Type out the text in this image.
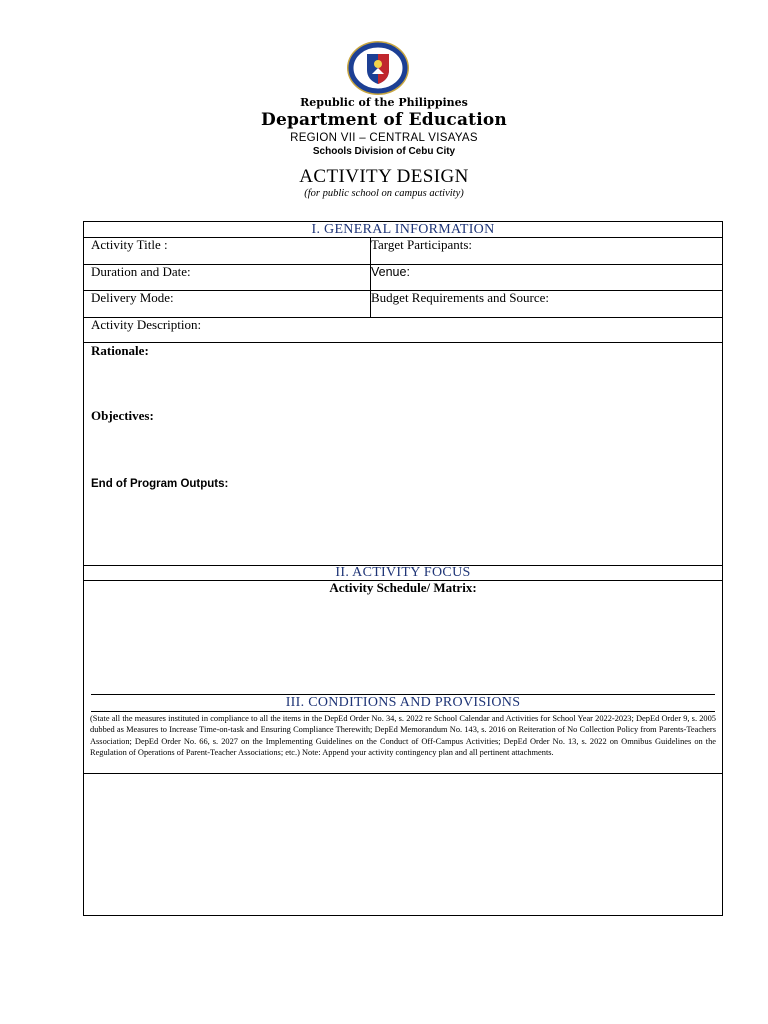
Republic of the Philippines
Department of Education
REGION VII – CENTRAL VISAYAS
Schools Division of Cebu City
ACTIVITY DESIGN
(for public school on campus activity)
I. GENERAL INFORMATION
Activity Title :	Target Participants:
Duration and Date:	Venue:
Delivery Mode:	Budget Requirements and Source:
Activity Description:
Rationale:
Objectives:
End of Program Outputs:
II. ACTIVITY FOCUS
Activity Schedule/ Matrix:
III. CONDITIONS AND PROVISIONS
(State all the measures instituted in compliance to all the items in the DepEd Order No. 34, s. 2022 re School Calendar and Activities for School Year 2022-2023; DepEd Order 9, s. 2005 dubbed as Measures to Increase Time-on-task and Ensuring Compliance Therewith; DepEd Memorandum No. 143, s. 2016 on Reiteration of No Collection Policy from Parents-Teachers Association; DepEd Order No. 66, s. 2027 on the Implementing Guidelines on the Conduct of Off-Campus Activities; DepEd Order No. 13, s. 2022 on Omnibus Guidelines on the Regulation of Operations of Parent-Teacher Associations; etc.) Note: Append your activity contingency plan and all pertinent attachments.
